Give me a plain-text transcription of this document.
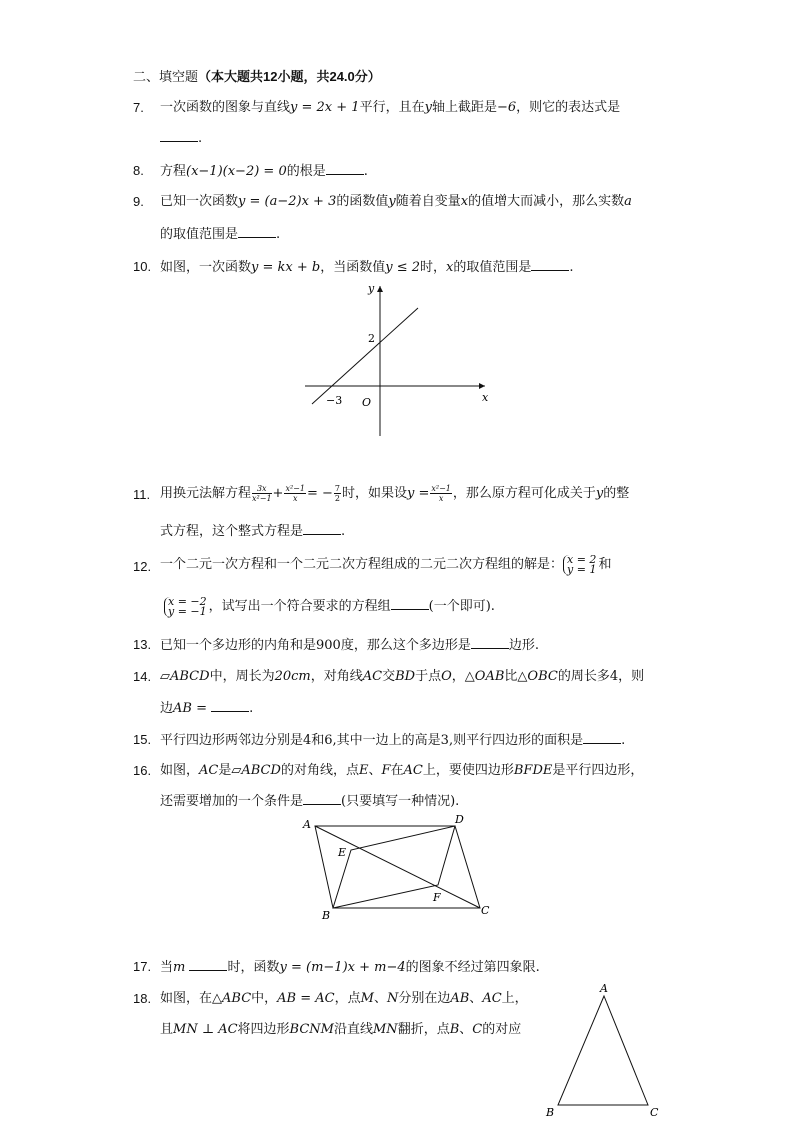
二、填空题（本大题共12小题，共24.0分）
7.	一次函数的图象与直线y = 2x + 1平行，且在y轴上截距是−6，则它的表达式是
.
8.	方程(x−1)(x−2) = 0的根是	.
9.	已知一次函数y = (a−2)x + 3的函数值y随着自变量x的值增大而减小，那么实数a
的取值范围是	.
10. 如图，一次函数y = kx + b，当函数值y ≤ 2时，x的取值范围是	.
y
x
O
2
−3
11. 用换元法解方程 $\frac{3x}{\text{x²−1}} + \frac{\text{x²−1}}{x}$ = − $\frac{7}{2}$ 时，如果设$y = \frac{\text{x²−1}}{x}$ ，那么原方程可化成关于y的整
式方程，这个整式方程是	.
12. 一个二元一次方程和一个二元二次方程组成的二元二次方程组的解是： x = 2
y = 1 和
x = −2
y = −1 ，试写出一个符合要求的方程组	(一个即可).
13. 已知一个多边形的内角和是900度，那么这个多边形是	边形.
14. ▱ABCD中，周长为20cm，对角线AC交BD于点O，△OAB比△OBC的周长多4，则
边AB =	.
15. 平行四边形两邻边分别是4和6,其中一边上的高是3,则平行四边形的面积是	.
16. 如图，AC是▱ABCD的对角线，点E、F在AC上，要使四边形BFDE是平行四边形，
还需要增加的一个条件是	(只要填写一种情况).
A	D
E
F
B	C
17. 当m	时，函数y = (m−1)x + m−4的图象不经过第四象限.
18. 如图，在△ABC中，AB = AC，点M、N分别在边AB、AC上，
且MN ⊥ AC将四边形BCNM沿直线MN翻折，点B、C的对应
A
B	C
